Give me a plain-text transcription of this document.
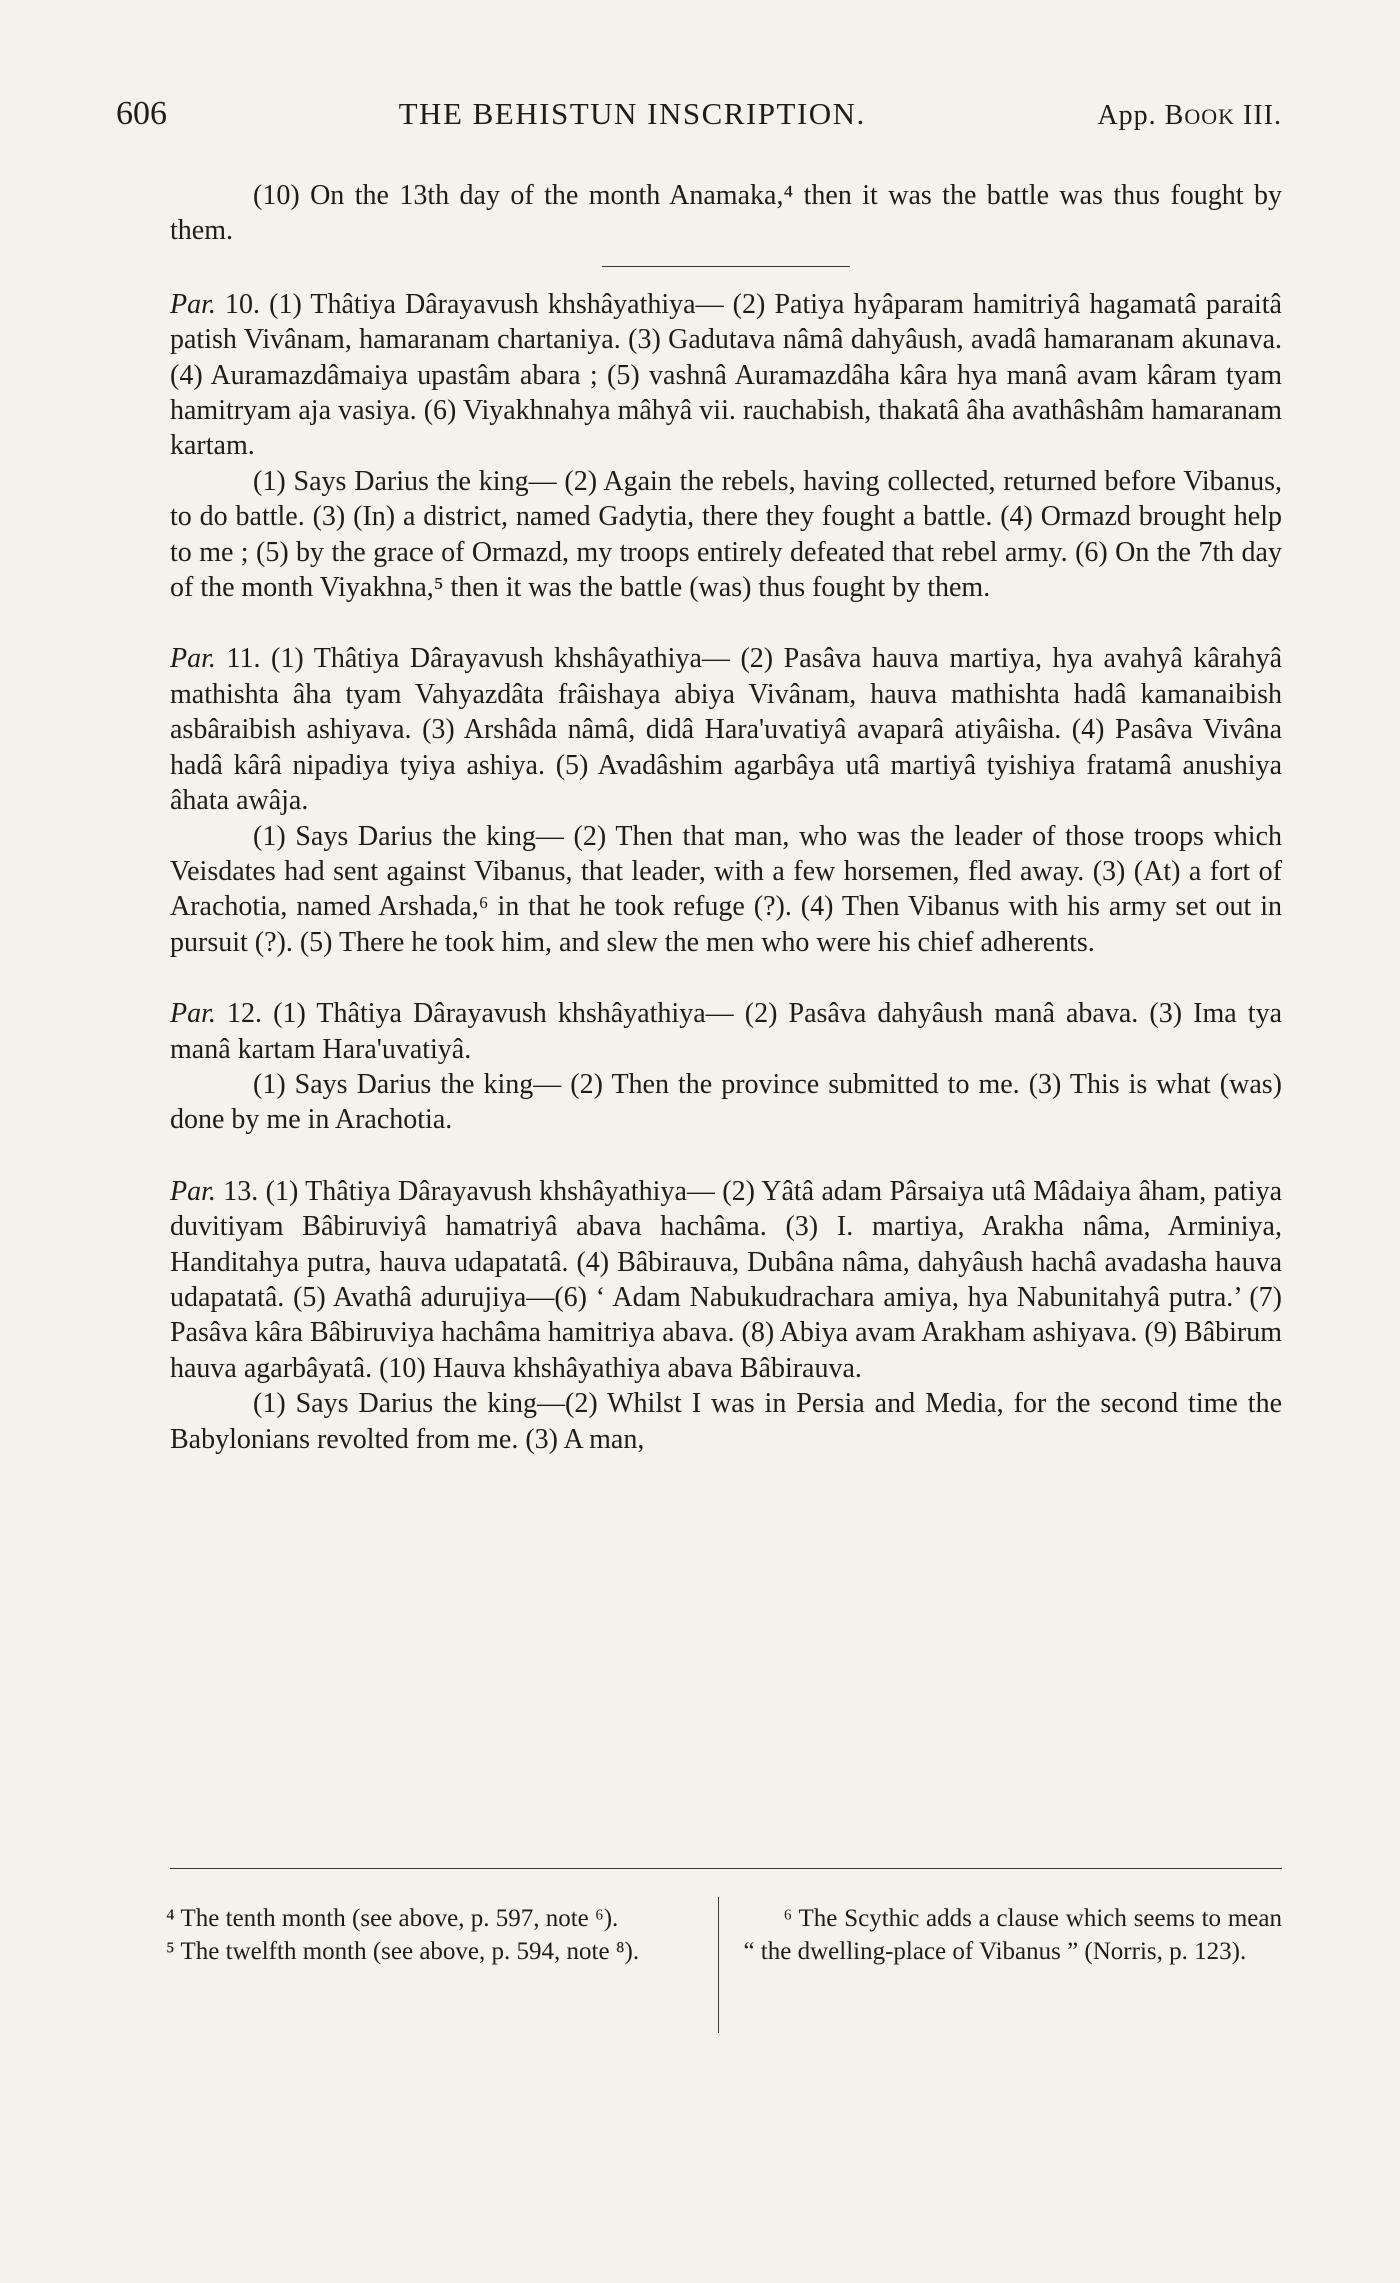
606	THE BEHISTUN INSCRIPTION.	App. BOOK III.

(10) On the 13th day of the month Anamaka,⁴ then it was the battle was thus fought by them.

Par. 10. (1) Thâtiya Dârayavush khshâyathiya— (2) Patiya hyâparam hamitriyâ hagamatâ paraitâ patish Vivânam, hamaranam chartaniya. (3) Gadutava nâmâ dahyâush, avadâ hamaranam akunava. (4) Auramazdâmaiya upastâm abara ; (5) vashnâ Auramazdâha kâra hya manâ avam kâram tyam hamitryam aja vasiya. (6) Viyakhnahya mâhyâ vii. rauchabish, thakatâ âha avathâshâm hamaranam kartam.

(1) Says Darius the king— (2) Again the rebels, having collected, returned before Vibanus, to do battle. (3) (In) a district, named Gadytia, there they fought a battle. (4) Ormazd brought help to me ; (5) by the grace of Ormazd, my troops entirely defeated that rebel army. (6) On the 7th day of the month Viyakhna,⁵ then it was the battle (was) thus fought by them.

Par. 11. (1) Thâtiya Dârayavush khshâyathiya— (2) Pasâva hauva martiya, hya avahyâ kârahyâ mathishta âha tyam Vahyazdâta frâishaya abiya Vivânam, hauva mathishta hadâ kamanaibish asbâraibish ashiyava. (3) Arshâda nâmâ, didâ Hara'uvatiyâ avaparâ atiyâisha. (4) Pasâva Vivâna hadâ kârâ nipadiya tyiya ashiya. (5) Avadâshim agarbâya utâ martiyâ tyishiya fratamâ anushiya âhata awâja.

(1) Says Darius the king— (2) Then that man, who was the leader of those troops which Veisdates had sent against Vibanus, that leader, with a few horsemen, fled away. (3) (At) a fort of Arachotia, named Arshada,⁶ in that he took refuge (?). (4) Then Vibanus with his army set out in pursuit (?). (5) There he took him, and slew the men who were his chief adherents.

Par. 12. (1) Thâtiya Dârayavush khshâyathiya— (2) Pasâva dahyâush manâ abava. (3) Ima tya manâ kartam Hara'uvatiyâ.

(1) Says Darius the king— (2) Then the province submitted to me. (3) This is what (was) done by me in Arachotia.

Par. 13. (1) Thâtiya Dârayavush khshâyathiya— (2) Yâtâ adam Pârsaiya utâ Mâdaiya âham, patiya duvitiyam Bâbiruviyâ hamatriyâ abava hachâma. (3) I. martiya, Arakha nâma, Arminiya, Handitahya putra, hauva udapatatâ. (4) Bâbirauva, Dubâna nâma, dahyâush hachâ avadasha hauva udapatatâ. (5) Avathâ adurujiya—(6) ‘ Adam Nabukudrachara amiya, hya Nabunitahyâ putra.’ (7) Pasâva kâra Bâbiruviya hachâma hamitriya abava. (8) Abiya avam Arakham ashiyava. (9) Bâbirum hauva agarbâyatâ. (10) Hauva khshâyathiya abava Bâbirauva.

(1) Says Darius the king—(2) Whilst I was in Persia and Media, for the second time the Babylonians revolted from me. (3) A man,

⁴ The tenth month (see above, p. 597, note ⁶).

⁵ The twelfth month (see above, p. 594, note ⁸).

⁶ The Scythic adds a clause which seems to mean “ the dwelling-place of Vibanus ” (Norris, p. 123).
